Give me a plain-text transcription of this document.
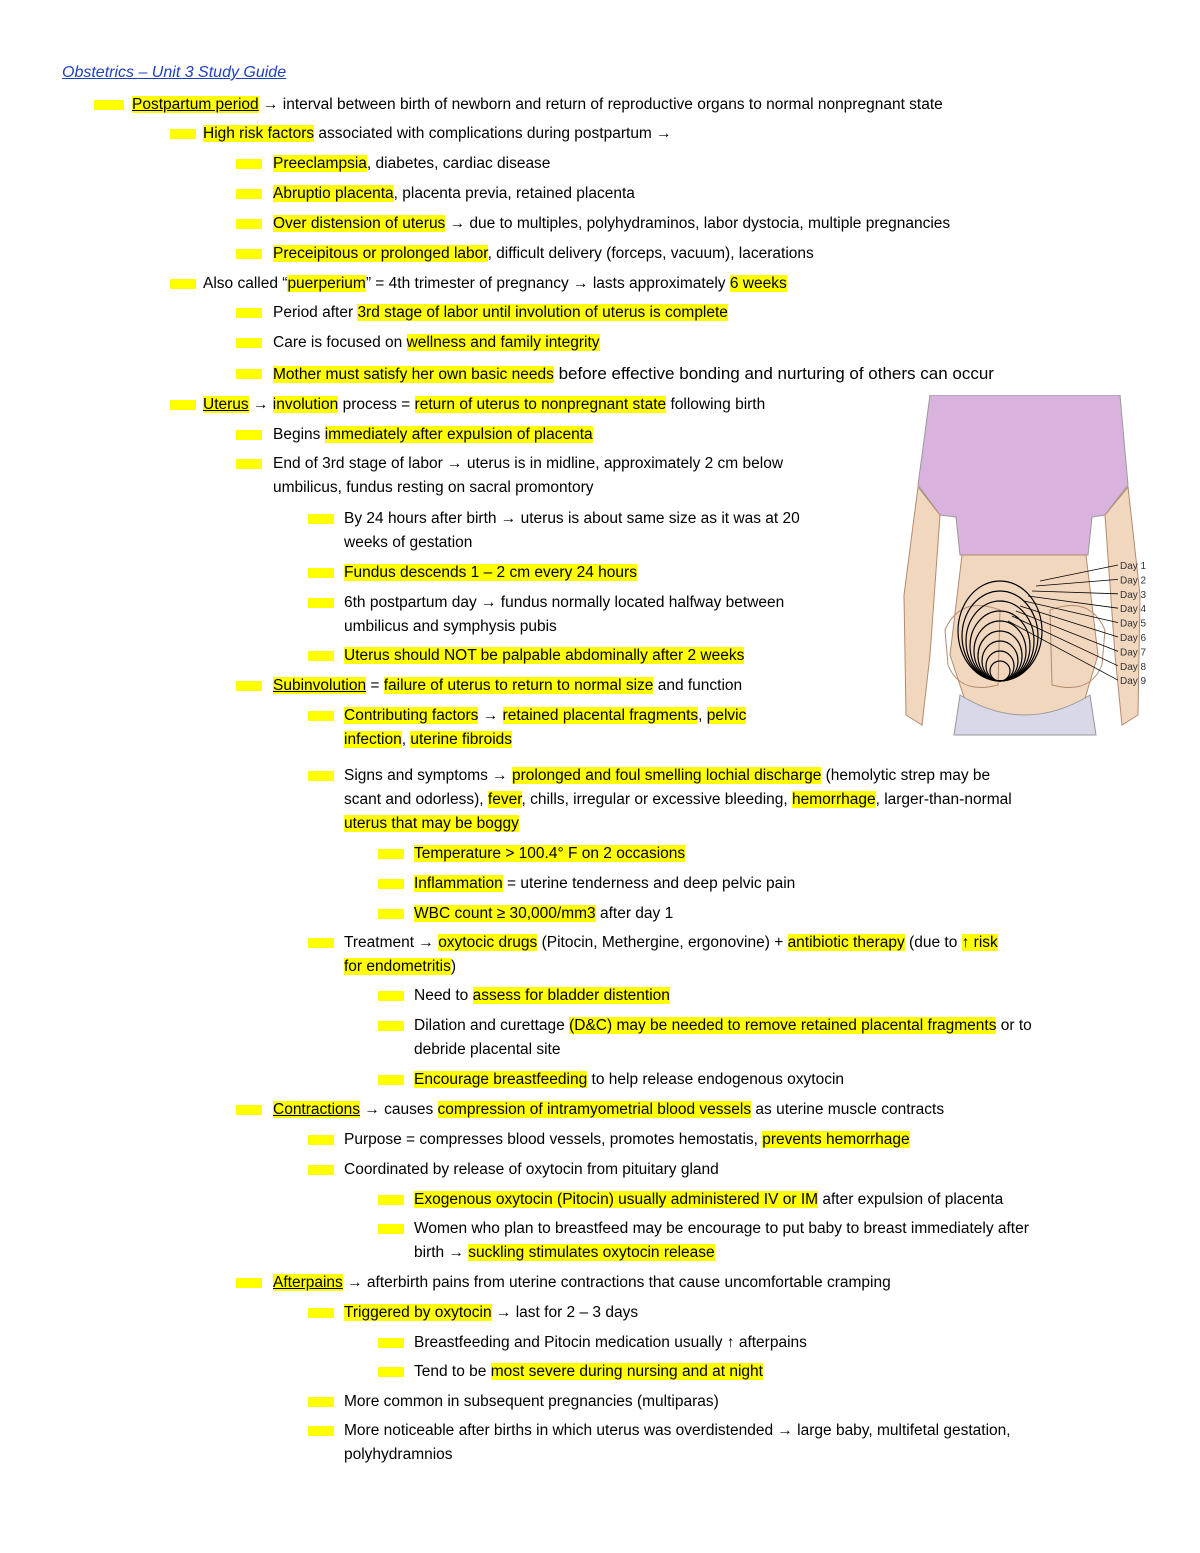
Obstetrics – Unit 3 Study Guide
Postpartum period → interval between birth of newborn and return of reproductive organs to normal nonpregnant state
High risk factors associated with complications during postpartum →
Preeclampsia, diabetes, cardiac disease
Abruptio placenta, placenta previa, retained placenta
Over distension of uterus → due to multiples, polyhydraminos, labor dystocia, multiple pregnancies
Preceipitous or prolonged labor, difficult delivery (forceps, vacuum), lacerations
Also called “puerperium” = 4th trimester of pregnancy → lasts approximately 6 weeks
Period after 3rd stage of labor until involution of uterus is complete
Care is focused on wellness and family integrity
Mother must satisfy her own basic needs before effective bonding and nurturing of others can occur
Uterus → involution process = return of uterus to nonpregnant state following birth
Begins immediately after expulsion of placenta
End of 3rd stage of labor → uterus is in midline, approximately 2 cm below
umbilicus, fundus resting on sacral promontory
By 24 hours after birth → uterus is about same size as it was at 20
weeks of gestation
Fundus descends 1 – 2 cm every 24 hours
6th postpartum day → fundus normally located halfway between
umbilicus and symphysis pubis
Uterus should NOT be palpable abdominally after 2 weeks
Subinvolution = failure of uterus to return to normal size and function
Contributing factors → retained placental fragments, pelvic
infection, uterine fibroids
Signs and symptoms → prolonged and foul smelling lochial discharge (hemolytic strep may be
scant and odorless), fever, chills, irregular or excessive bleeding, hemorrhage, larger-than-normal
uterus that may be boggy
Temperature > 100.4° F on 2 occasions
Inflammation = uterine tenderness and deep pelvic pain
WBC count ≥ 30,000/mm3 after day 1
Treatment → oxytocic drugs (Pitocin, Methergine, ergonovine) + antibiotic therapy (due to ↑ risk
for endometritis)
Need to assess for bladder distention
Dilation and curettage (D&C) may be needed to remove retained placental fragments or to
debride placental site
Encourage breastfeeding to help release endogenous oxytocin
Contractions → causes compression of intramyometrial blood vessels as uterine muscle contracts
Purpose = compresses blood vessels, promotes hemostatis, prevents hemorrhage
Coordinated by release of oxytocin from pituitary gland
Exogenous oxytocin (Pitocin) usually administered IV or IM after expulsion of placenta
Women who plan to breastfeed may be encourage to put baby to breast immediately after
birth → suckling stimulates oxytocin release
Afterpains → afterbirth pains from uterine contractions that cause uncomfortable cramping
Triggered by oxytocin → last for 2 – 3 days
Breastfeeding and Pitocin medication usually ↑ afterpains
Tend to be most severe during nursing and at night
More common in subsequent pregnancies (multiparas)
More noticeable after births in which uterus was overdistended → large baby, multifetal gestation,
polyhydramnios
Day 1
Day 2
Day 3
Day 4
Day 5
Day 6
Day 7
Day 8
Day 9
